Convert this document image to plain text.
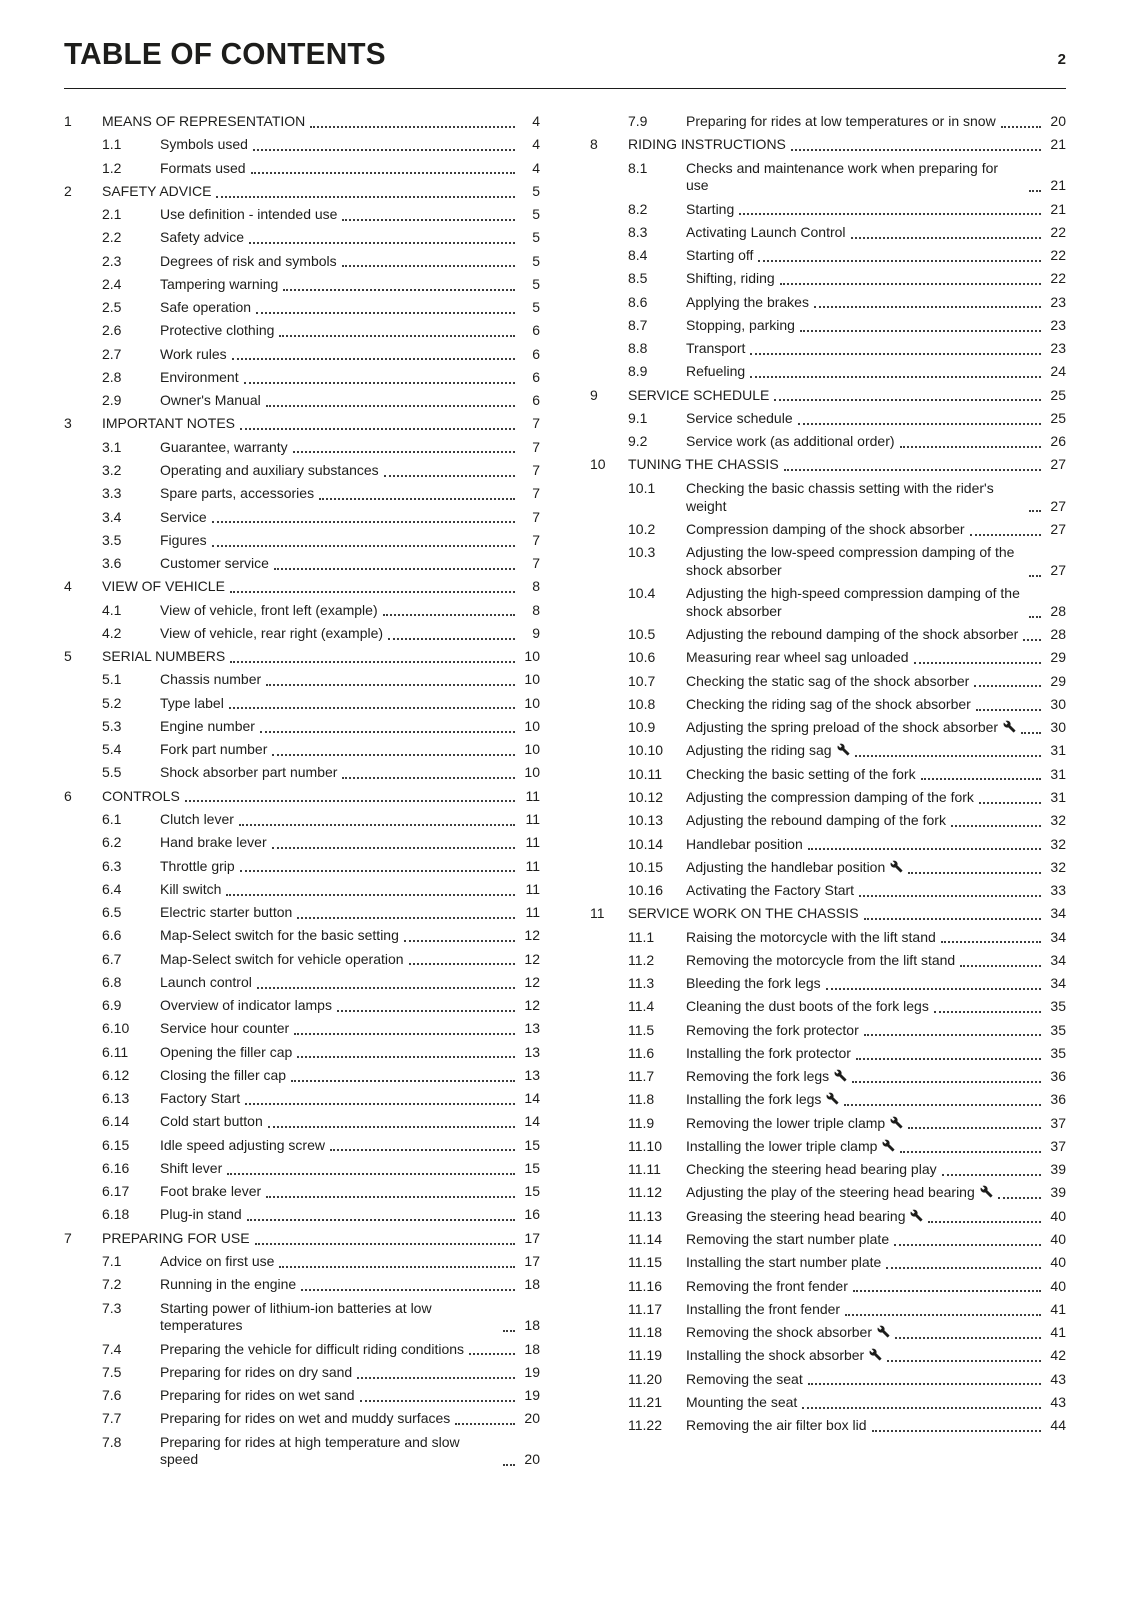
TABLE OF CONTENTS	2
1	MEANS OF REPRESENTATION	4
1.1	Symbols used	4
1.2	Formats used	4
2	SAFETY ADVICE	5
2.1	Use definition - intended use	5
2.2	Safety advice	5
2.3	Degrees of risk and symbols	5
2.4	Tampering warning	5
2.5	Safe operation	5
2.6	Protective clothing	6
2.7	Work rules	6
2.8	Environment	6
2.9	Owner's Manual	6
3	IMPORTANT NOTES	7
3.1	Guarantee, warranty	7
3.2	Operating and auxiliary substances	7
3.3	Spare parts, accessories	7
3.4	Service	7
3.5	Figures	7
3.6	Customer service	7
4	VIEW OF VEHICLE	8
4.1	View of vehicle, front left (example)	8
4.2	View of vehicle, rear right (example)	9
5	SERIAL NUMBERS	10
5.1	Chassis number	10
5.2	Type label	10
5.3	Engine number	10
5.4	Fork part number	10
5.5	Shock absorber part number	10
6	CONTROLS	11
6.1	Clutch lever	11
6.2	Hand brake lever	11
6.3	Throttle grip	11
6.4	Kill switch	11
6.5	Electric starter button	11
6.6	Map-Select switch for the basic setting	12
6.7	Map-Select switch for vehicle operation	12
6.8	Launch control	12
6.9	Overview of indicator lamps	12
6.10	Service hour counter	13
6.11	Opening the filler cap	13
6.12	Closing the filler cap	13
6.13	Factory Start	14
6.14	Cold start button	14
6.15	Idle speed adjusting screw	15
6.16	Shift lever	15
6.17	Foot brake lever	15
6.18	Plug-in stand	16
7	PREPARING FOR USE	17
7.1	Advice on first use	17
7.2	Running in the engine	18
7.3	Starting power of lithium-ion batteries at low temperatures	18
7.4	Preparing the vehicle for difficult riding conditions	18
7.5	Preparing for rides on dry sand	19
7.6	Preparing for rides on wet sand	19
7.7	Preparing for rides on wet and muddy surfaces	20
7.8	Preparing for rides at high temperature and slow speed	20
7.9	Preparing for rides at low temperatures or in snow	20
8	RIDING INSTRUCTIONS	21
8.1	Checks and maintenance work when preparing for use	21
8.2	Starting	21
8.3	Activating Launch Control	22
8.4	Starting off	22
8.5	Shifting, riding	22
8.6	Applying the brakes	23
8.7	Stopping, parking	23
8.8	Transport	23
8.9	Refueling	24
9	SERVICE SCHEDULE	25
9.1	Service schedule	25
9.2	Service work (as additional order)	26
10	TUNING THE CHASSIS	27
10.1	Checking the basic chassis setting with the rider's weight	27
10.2	Compression damping of the shock absorber	27
10.3	Adjusting the low-speed compression damping of the shock absorber	27
10.4	Adjusting the high-speed compression damping of the shock absorber	28
10.5	Adjusting the rebound damping of the shock absorber	28
10.6	Measuring rear wheel sag unloaded	29
10.7	Checking the static sag of the shock absorber	29
10.8	Checking the riding sag of the shock absorber	30
10.9	Adjusting the spring preload of the shock absorber	30
10.10	Adjusting the riding sag	31
10.11	Checking the basic setting of the fork	31
10.12	Adjusting the compression damping of the fork	31
10.13	Adjusting the rebound damping of the fork	32
10.14	Handlebar position	32
10.15	Adjusting the handlebar position	32
10.16	Activating the Factory Start	33
11	SERVICE WORK ON THE CHASSIS	34
11.1	Raising the motorcycle with the lift stand	34
11.2	Removing the motorcycle from the lift stand	34
11.3	Bleeding the fork legs	34
11.4	Cleaning the dust boots of the fork legs	35
11.5	Removing the fork protector	35
11.6	Installing the fork protector	35
11.7	Removing the fork legs	36
11.8	Installing the fork legs	36
11.9	Removing the lower triple clamp	37
11.10	Installing the lower triple clamp	37
11.11	Checking the steering head bearing play	39
11.12	Adjusting the play of the steering head bearing	39
11.13	Greasing the steering head bearing	40
11.14	Removing the start number plate	40
11.15	Installing the start number plate	40
11.16	Removing the front fender	40
11.17	Installing the front fender	41
11.18	Removing the shock absorber	41
11.19	Installing the shock absorber	42
11.20	Removing the seat	43
11.21	Mounting the seat	43
11.22	Removing the air filter box lid	44
